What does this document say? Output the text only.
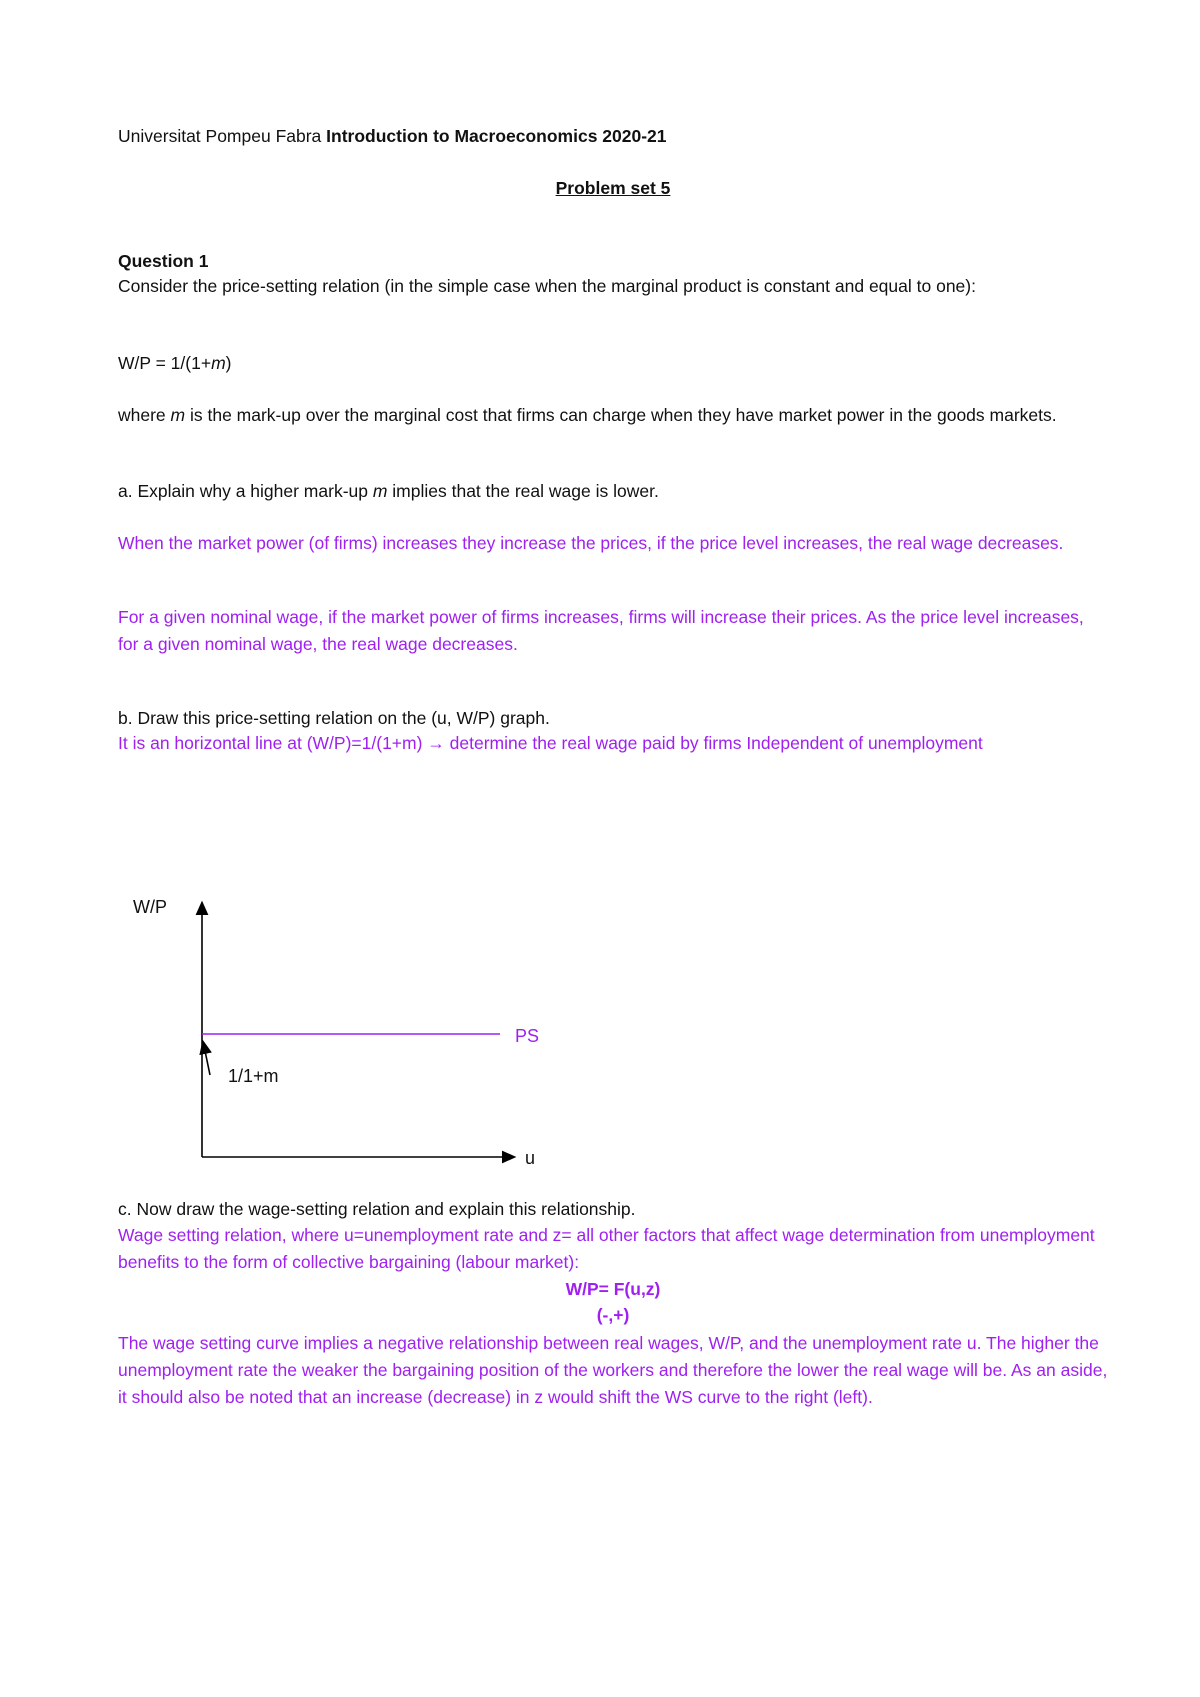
Universitat Pompeu Fabra Introduction to Macroeconomics 2020-21

Problem set 5

Question 1

Consider the price-setting relation (in the simple case when the marginal product is constant and equal to one):

W/P = 1/(1+m)

where m is the mark-up over the marginal cost that firms can charge when they have market power in the goods markets.

a. Explain why a higher mark-up m implies that the real wage is lower.

When the market power (of firms) increases they increase the prices, if the price level increases, the real wage decreases.

For a given nominal wage, if the market power of firms increases, firms will increase their prices. As the price level increases, for a given nominal wage, the real wage decreases.

b. Draw this price-setting relation on the (u, W/P) graph.

It is an horizontal line at (W/P)=1/(1+m) → determine the real wage paid by firms Independent of unemployment

W/P
u
PS
1/1+m

c. Now draw the wage-setting relation and explain this relationship.

Wage setting relation, where u=unemployment rate and z= all other factors that affect wage determination from unemployment benefits to the form of collective bargaining (labour market):

W/P= F(u,z)

(-,+)

The wage setting curve implies a negative relationship between real wages, W/P, and the unemployment rate u. The higher the unemployment rate the weaker the bargaining position of the workers and therefore the lower the real wage will be. As an aside, it should also be noted that an increase (decrease) in z would shift the WS curve to the right (left).
